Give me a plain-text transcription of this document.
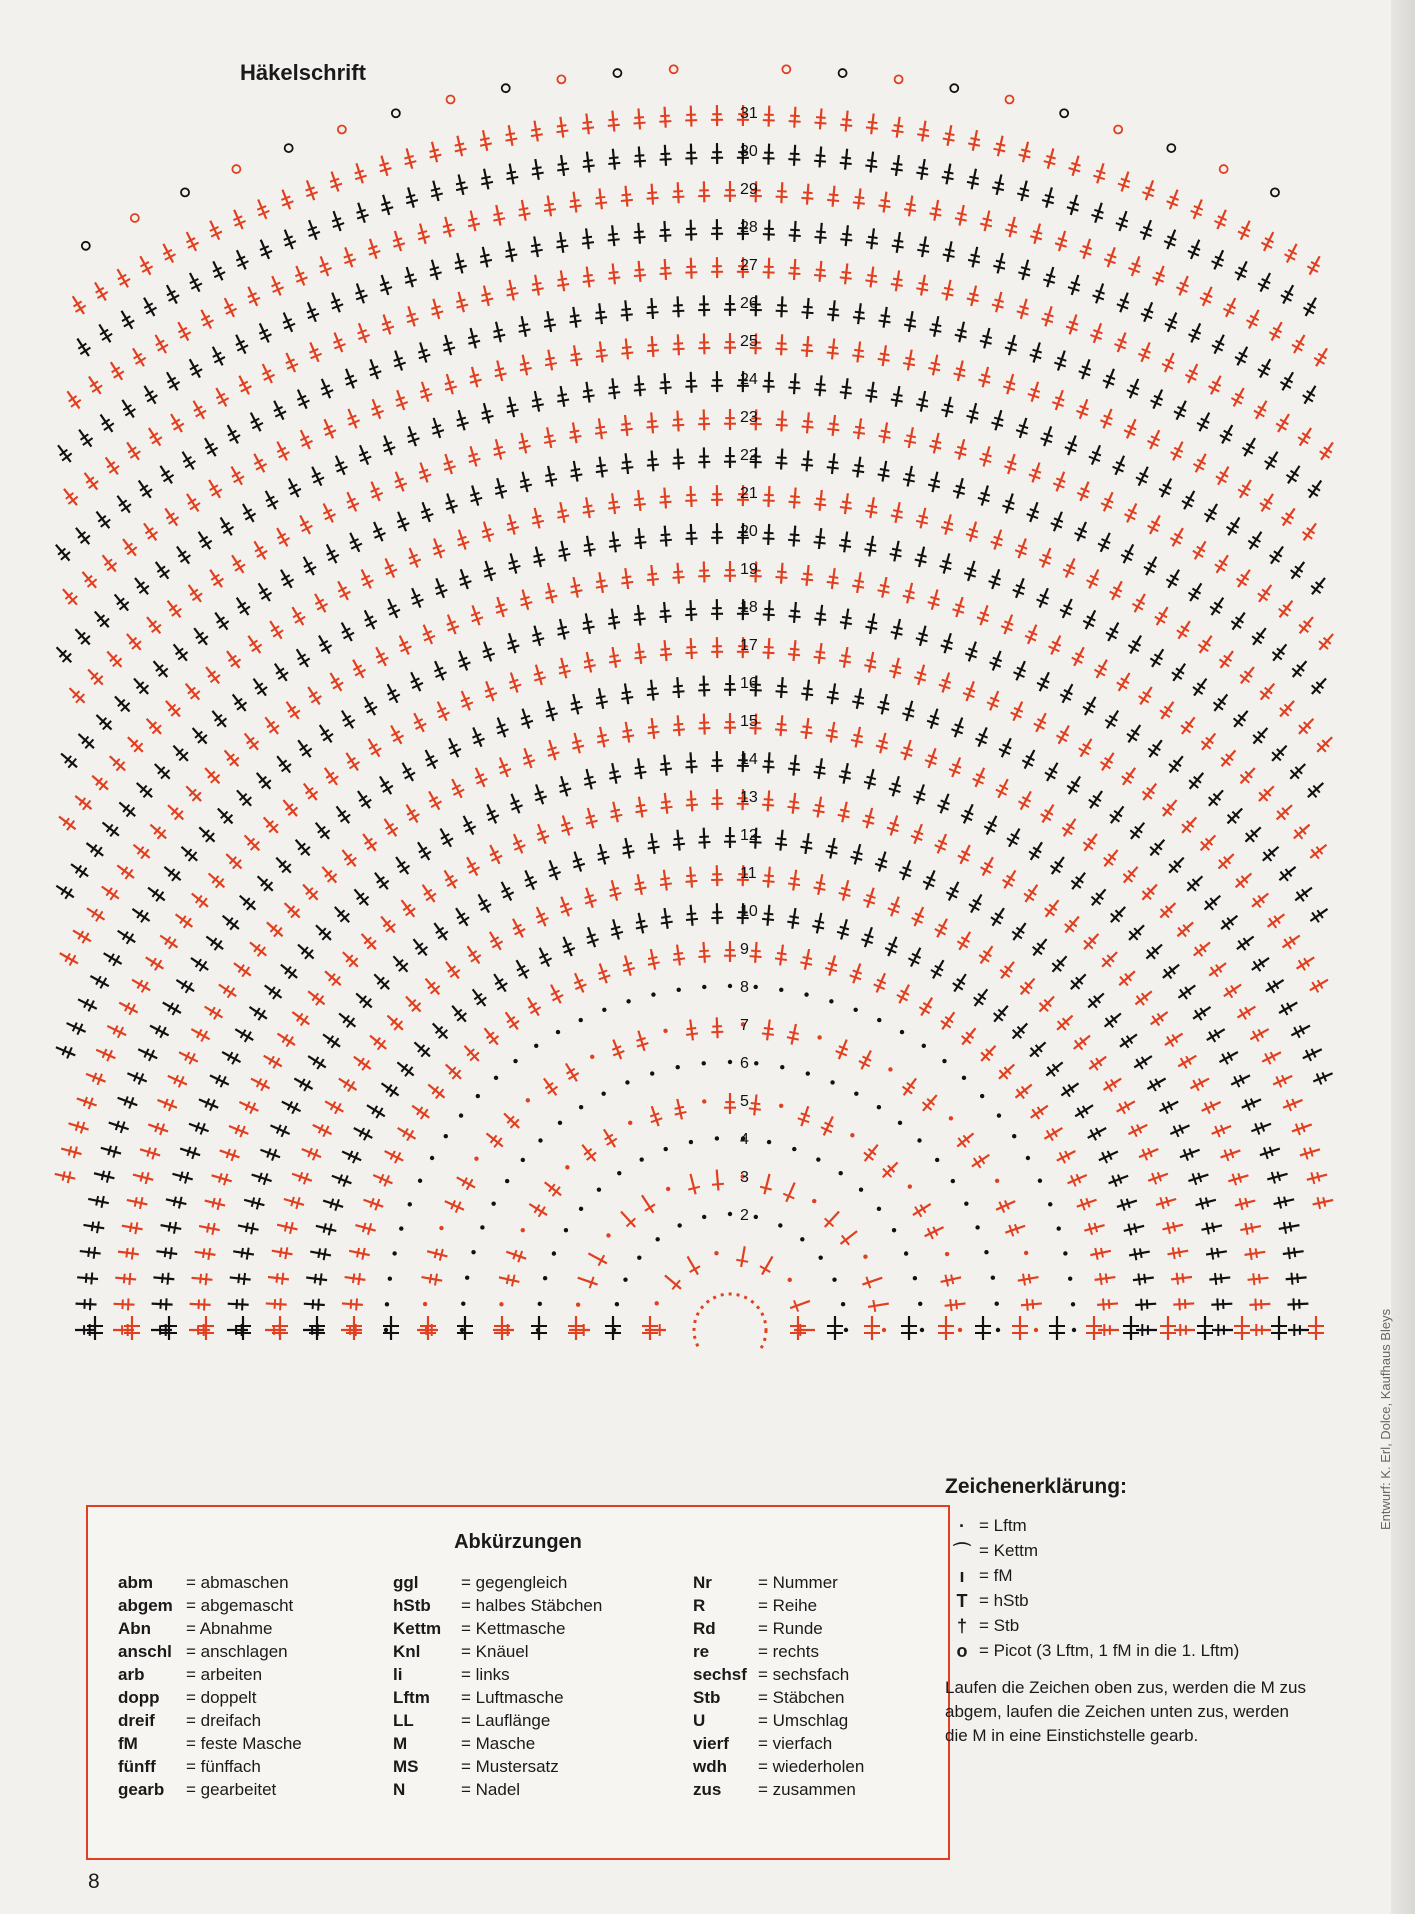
Häkelschrift
2
3
4
5
6
7
8
9
10
11
12
13
14
15
16
17
18
19
20
21
22
23
24
25
26
27
28
29
30
31
Abkürzungen
abm	= abmaschen
abgem = abgemascht
Abn	= Abnahme
anschl = anschlagen
arb	= arbeiten
dopp	= doppelt
dreif	= dreifach
fM	= feste Masche
fünff	= fünffach
gearb	= gearbeitet
ggl	= gegengleich
hStb	= halbes Stäbchen
Kettm	= Kettmasche
Knl	= Knäuel
li	= links
Lftm	= Luftmasche
LL	= Lauflänge
M	= Masche
MS	= Mustersatz
N	= Nadel
Nr	= Nummer
R	= Reihe
Rd	= Runde
re	= rechts
sechsf = sechsfach
Stb	= Stäbchen
U	= Umschlag
vierf	= vierfach
wdh	= wiederholen
zus	= zusammen
Zeichenerklärung:
· = Lftm
⌒ = Kettm
ı = fM
T = hStb
† = Stb
o = Picot (3 Lftm, 1 fM in die 1. Lftm)
Laufen die Zeichen oben zus, werden die M zus abgem, laufen die Zeichen unten zus, werden die M in eine Einstichstelle gearb.
8
Entwurf: K. Erl, Dolce, Kaufhaus Bleys
